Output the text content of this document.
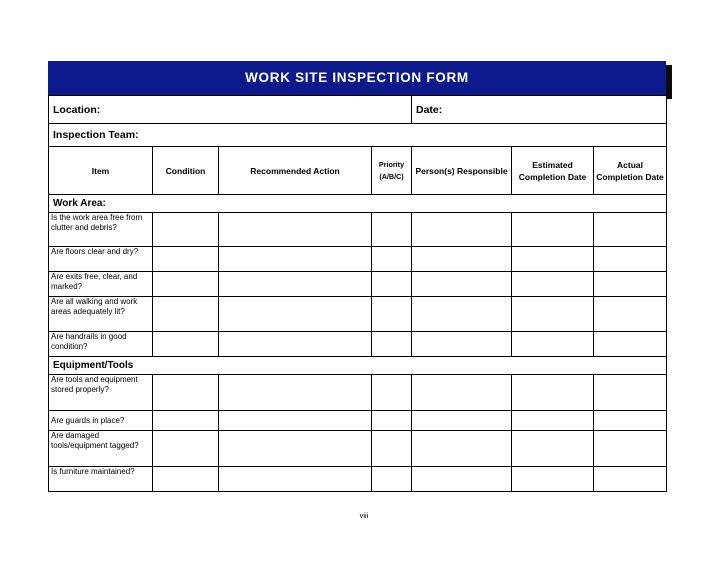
WORK SITE INSPECTION FORM
Location:				Date:		
Inspection Team:						
Item	Condition	Recommended Action	Priority (A/B/C)	Person(s) Responsible	Estimated Completion Date	Actual Completion Date
Work Area:						
Is the work area free from clutter and debris?						
Are floors clear and dry?						
Are exits free, clear, and marked?						
Are all walking and work areas adequately lit?						
Are handrails in good condition?						
Equipment/Tools						
Are tools and equipment stored properly?						
Are guards in place?						
Are damaged tools/equipment tagged?						
Is furniture maintained?						
viii
